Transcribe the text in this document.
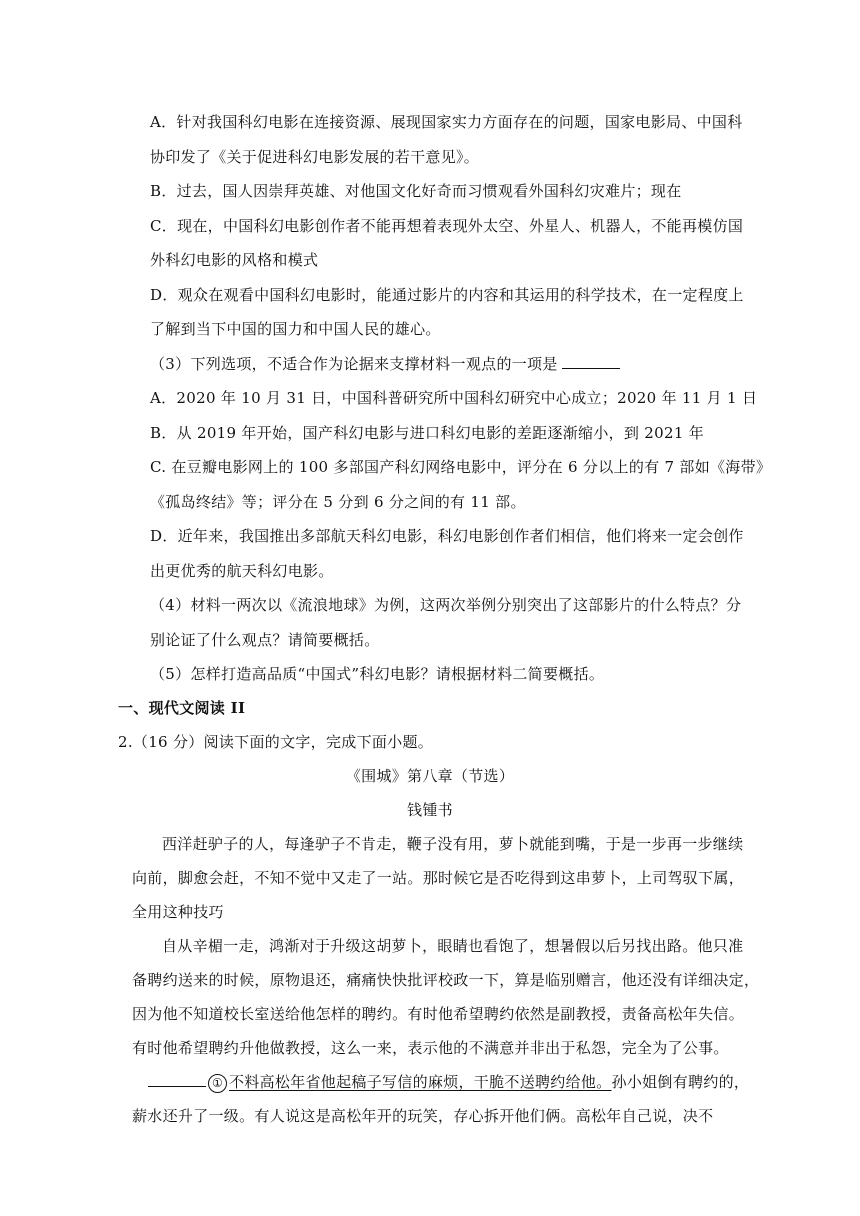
A．针对我国科幻电影在连接资源、展现国家实力方面存在的问题，国家电影局、中国科
协印发了《关于促进科幻电影发展的若干意见》。
B．过去，国人因崇拜英雄、对他国文化好奇而习惯观看外国科幻灾难片；现在
C．现在，中国科幻电影创作者不能再想着表现外太空、外星人、机器人，不能再模仿国
外科幻电影的风格和模式
D．观众在观看中国科幻电影时，能通过影片的内容和其运用的科学技术，在一定程度上
了解到当下中国的国力和中国人民的雄心。
（3）下列选项，不适合作为论据来支撑材料一观点的一项是
A．2020 年 10 月 31 日，中国科普研究所中国科幻研究中心成立；2020 年 11 月 1 日
B．从 2019 年开始，国产科幻电影与进口科幻电影的差距逐渐缩小，到 2021 年
C. 在豆瓣电影网上的 100 多部国产科幻网络电影中，评分在 6 分以上的有 7 部如《海带》
《孤岛终结》等；评分在 5 分到 6 分之间的有 11 部。
D．近年来，我国推出多部航天科幻电影，科幻电影创作者们相信，他们将来一定会创作
出更优秀的航天科幻电影。
（4）材料一两次以《流浪地球》为例，这两次举例分别突出了这部影片的什么特点？分
别论证了什么观点？请简要概括。
（5）怎样打造高品质“中国式”科幻电影？请根据材料二简要概括。
一、现代文阅读 II
2.（16 分）阅读下面的文字，完成下面小题。
《围城》第八章（节选）
钱锺书
西洋赶驴子的人，每逢驴子不肯走，鞭子没有用，萝卜就能到嘴，于是一步再一步继续
向前，脚愈会赶，不知不觉中又走了一站。那时候它是否吃得到这串萝卜，上司驾驭下属，
全用这种技巧
自从辛楣一走，鸿渐对于升级这胡萝卜，眼睛也看饱了，想暑假以后另找出路。他只准
备聘约送来的时候，原物退还，痛痛快快批评校政一下，算是临别赠言，他还没有详细决定，
因为他不知道校长室送给他怎样的聘约。有时他希望聘约依然是副教授，责备高松年失信。
有时他希望聘约升他做教授，这么一来，表示他的不满意并非出于私怨，完全为了公事。
① 不料高松年省他起稿子写信的麻烦，干脆不送聘约给他。孙小姐倒有聘约的，
薪水还升了一级。有人说这是高松年开的玩笑，存心拆开他们俩。高松年自己说，决不
